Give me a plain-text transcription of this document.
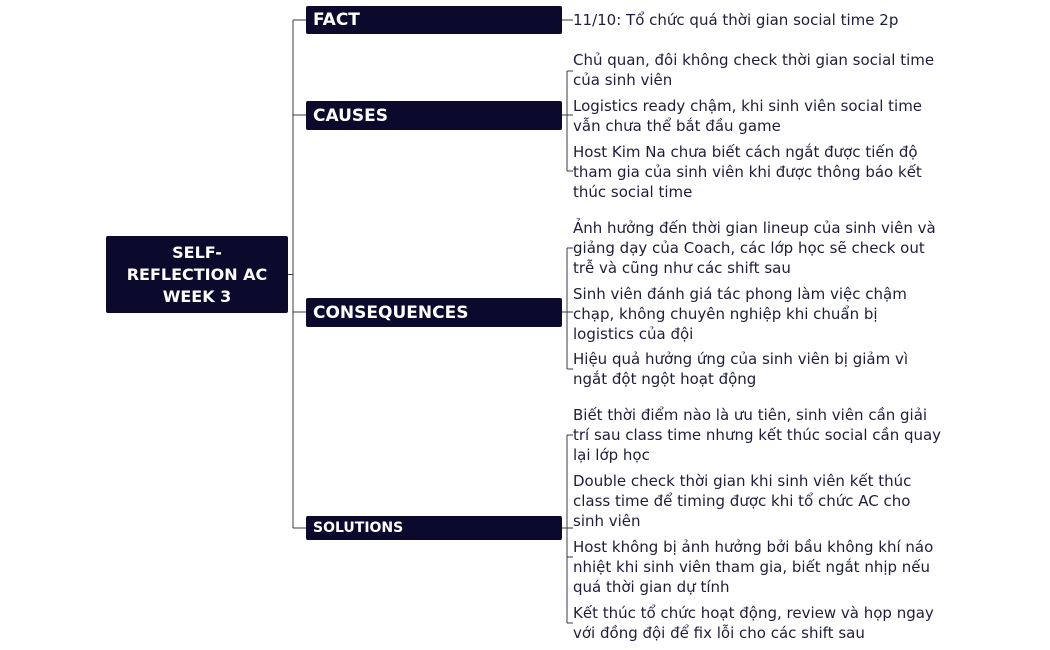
SELF-
REFLECTION AC
WEEK 3
FACT
CAUSES
CONSEQUENCES
SOLUTIONS
11/10: Tổ chức quá thời gian social time 2p
Chủ quan, đôi không check thời gian social time của sinh viên
Logistics ready chậm, khi sinh viên social time vẫn chưa thể bắt đầu game
Host Kim Na chưa biết cách ngắt được tiến độ tham gia của sinh viên khi được thông báo kết thúc social time
Ảnh hưởng đến thời gian lineup của sinh viên và giảng dạy của Coach, các lớp học sẽ check out trễ và cũng như các shift sau
Sinh viên đánh giá tác phong làm việc chậm chạp, không chuyên nghiệp khi chuẩn bị logistics của đội
Hiệu quả hưởng ứng của sinh viên bị giảm vì ngắt đột ngột hoạt động
Biết thời điểm nào là ưu tiên, sinh viên cần giải trí sau class time nhưng kết thúc social cần quay lại lớp học
Double check thời gian khi sinh viên kết thúc class time để timing được khi tổ chức AC cho sinh viên
Host không bị ảnh hưởng bởi bầu không khí náo nhiệt khi sinh viên tham gia, biết ngắt nhịp nếu quá thời gian dự tính
Kết thúc tổ chức hoạt động, review và họp ngay với đồng đội để fix lỗi cho các shift sau
